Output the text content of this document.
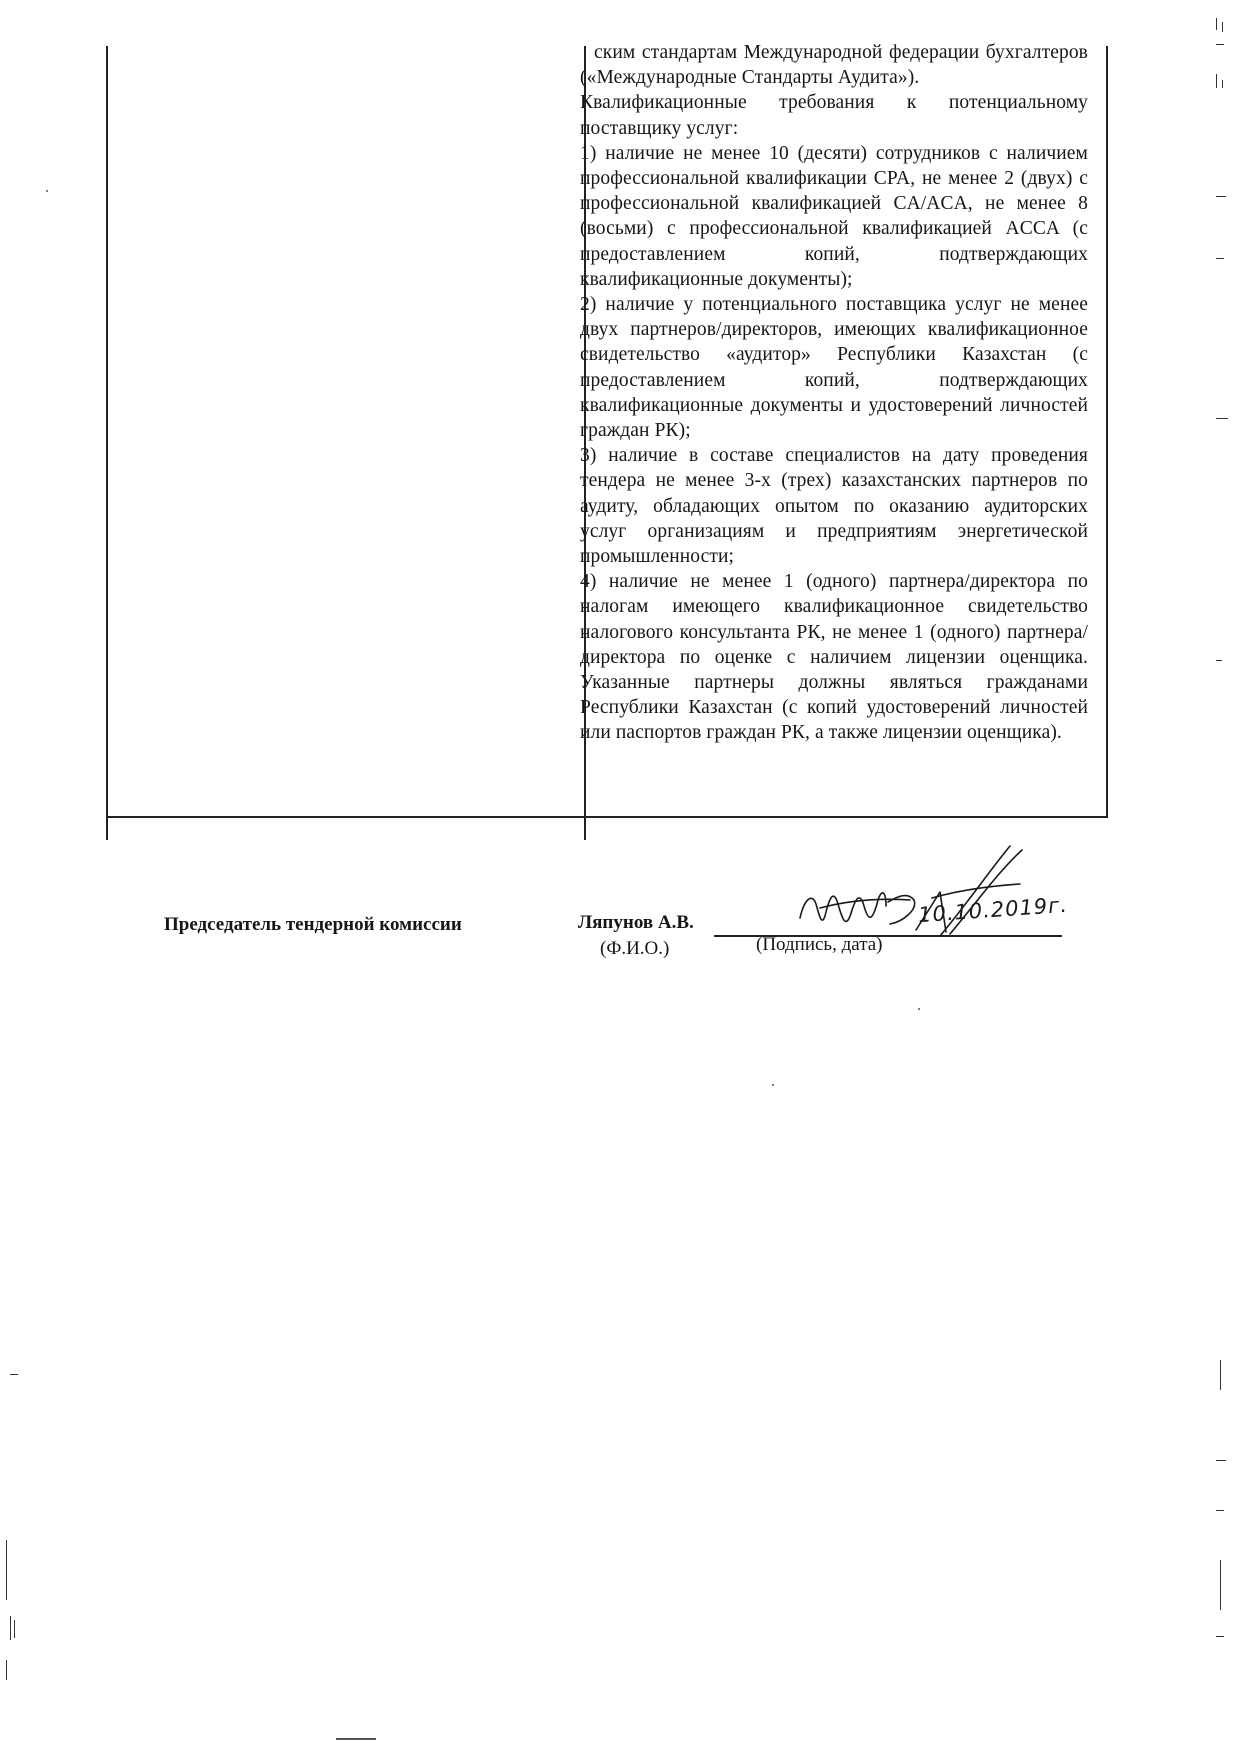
ским стандартам Международной федерации бухгалтеров («Международные Стандарты Аудита»).

Квалификационные требования к потенциальному поставщику услуг:

1) наличие не менее 10 (десяти) сотрудников с наличием профессиональной квалификации CPA, не менее 2 (двух) с профессиональной квалификацией CA/ACA, не менее 8 (восьми) с профессиональной квалификацией ACCA (с предоставлением копий, подтверждающих квалификационные документы);

2) наличие у потенциального поставщика услуг не менее двух партнеров/директоров, имеющих квалификационное свидетельство «аудитор» Республики Казахстан (с предоставлением копий, подтверждающих квалификационные документы и удостоверений личностей граждан РК);

3) наличие в составе специалистов на дату проведения тендера не менее 3-х (трех) казахстанских партнеров по аудиту, обладающих опытом по оказанию аудиторских услуг организациям и предприятиям энергетической промышленности;

4) наличие не менее 1 (одного) партнера/директора по налогам имеющего квалификационное свидетельство налогового консультанта РК, не менее 1 (одного) партнера/директора по оценке с наличием лицензии оценщика. Указанные партнеры должны являться гражданами Республики Казахстан (с копий удостоверений личностей или паспортов граждан РК, а также лицензии оценщика).

Председатель тендерной комиссии	Ляпунов А.В.
(Ф.И.О.)	(Подпись, дата)
10.10.2019г.
